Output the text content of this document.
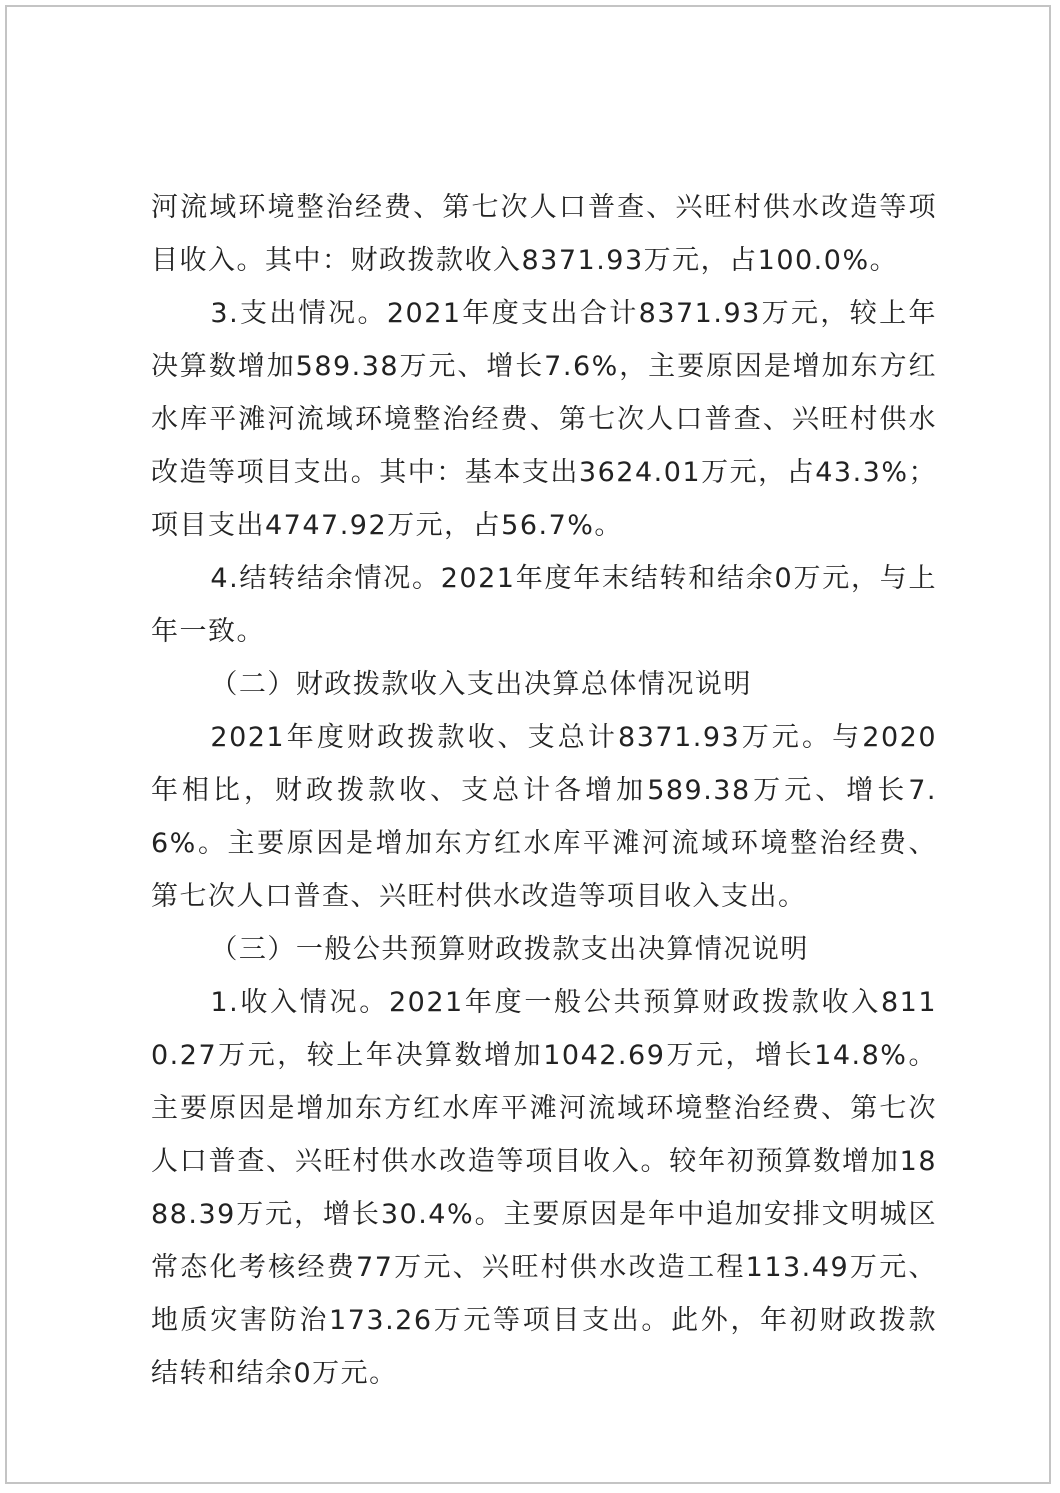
河流域环境整治经费、第七次人口普查、兴旺村供水改造等项目收入。其中：财政拨款收入8371.93万元，占100.0%。

3.支出情况。2021年度支出合计8371.93万元，较上年决算数增加589.38万元、增长7.6%，主要原因是增加东方红水库平滩河流域环境整治经费、第七次人口普查、兴旺村供水改造等项目支出。其中：基本支出3624.01万元，占43.3%；项目支出4747.92万元，占56.7%。

4.结转结余情况。2021年度年末结转和结余0万元，与上年一致。

（二）财政拨款收入支出决算总体情况说明

2021年度财政拨款收、支总计8371.93万元。与2020年相比，财政拨款收、支总计各增加589.38万元、增长7.6%。主要原因是增加东方红水库平滩河流域环境整治经费、第七次人口普查、兴旺村供水改造等项目收入支出。

（三）一般公共预算财政拨款支出决算情况说明

1.收入情况。2021年度一般公共预算财政拨款收入8110.27万元，较上年决算数增加1042.69万元，增长14.8%。主要原因是增加东方红水库平滩河流域环境整治经费、第七次人口普查、兴旺村供水改造等项目收入。较年初预算数增加1888.39万元，增长30.4%。主要原因是年中追加安排文明城区常态化考核经费77万元、兴旺村供水改造工程113.49万元、地质灾害防治173.26万元等项目支出。此外，年初财政拨款结转和结余0万元。
